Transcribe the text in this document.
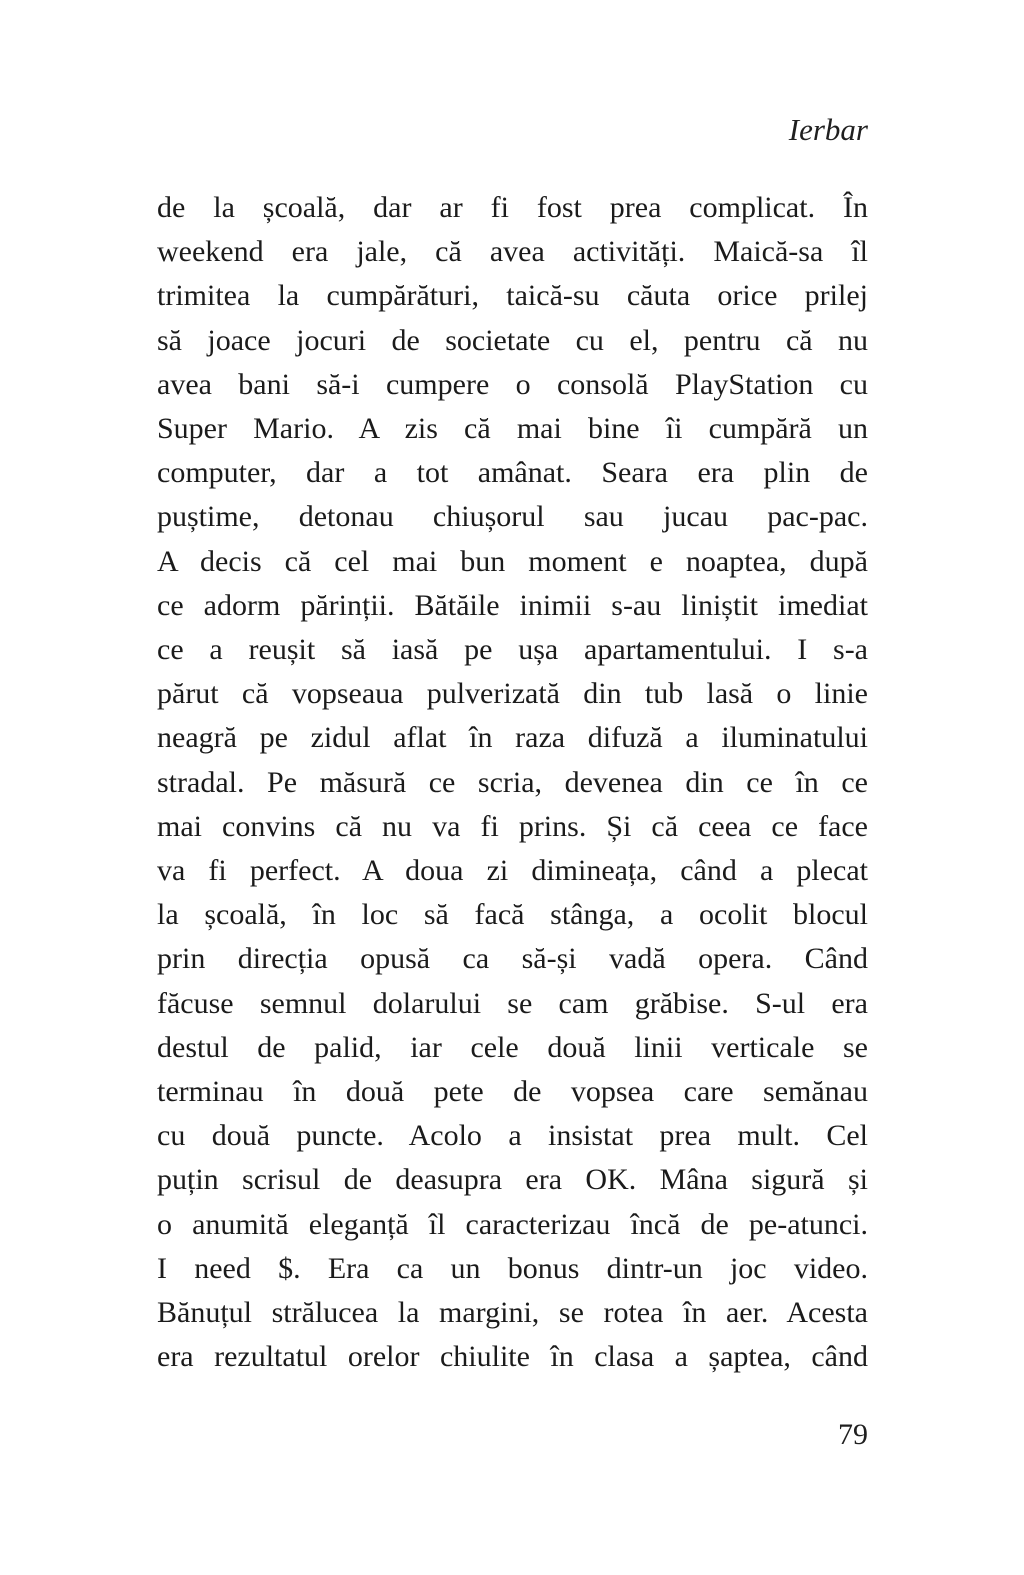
Ierbar
de la școală, dar ar fi fost prea complicat. În
weekend era jale, că avea activități. Maică-sa îl
trimitea la cumpărături, taică-su căuta orice prilej
să joace jocuri de societate cu el, pentru că nu
avea bani să-i cumpere o consolă PlayStation cu
Super Mario. A zis că mai bine îi cumpără un
computer, dar a tot amânat. Seara era plin de
puștime, detonau chiușorul sau jucau pac-pac.
A decis că cel mai bun moment e noaptea, după
ce adorm părinții. Bătăile inimii s-au liniștit imediat
ce a reușit să iasă pe ușa apartamentului. I s-a
părut că vopseaua pulverizată din tub lasă o linie
neagră pe zidul aflat în raza difuză a iluminatului
stradal. Pe măsură ce scria, devenea din ce în ce
mai convins că nu va fi prins. Și că ceea ce face
va fi perfect. A doua zi dimineața, când a plecat
la școală, în loc să facă stânga, a ocolit blocul
prin direcția opusă ca să-și vadă opera. Când
făcuse semnul dolarului se cam grăbise. S-ul era
destul de palid, iar cele două linii verticale se
terminau în două pete de vopsea care semănau
cu două puncte. Acolo a insistat prea mult. Cel
puțin scrisul de deasupra era OK. Mâna sigură și
o anumită eleganță îl caracterizau încă de pe-atunci.
I need $. Era ca un bonus dintr-un joc video.
Bănuțul strălucea la margini, se rotea în aer. Acesta
era rezultatul orelor chiulite în clasa a șaptea, când
79
